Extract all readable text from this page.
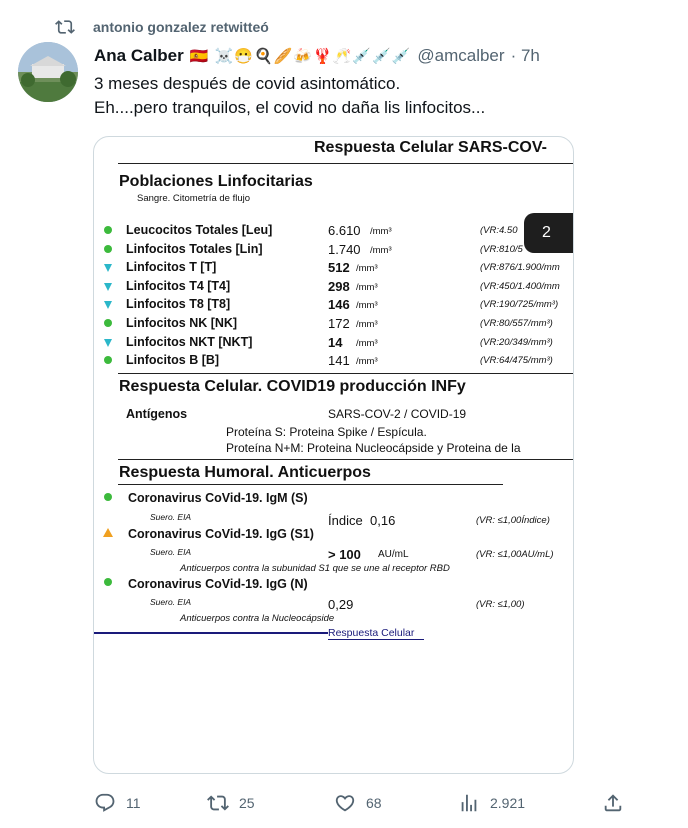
antonio gonzalez retwitteó
Ana Calber 🇪🇸 ☠️😷🍳🥖🍻🦞🥂💉💉💉 @amcalber · 7h
3 meses después de covid asintomático.
Eh....pero tranquilos, el covid no daña lis linfocitos...
Respuesta Celular SARS-COV-
Poblaciones Linfocitarias
Sangre. Citometría de flujo
Leucocitos Totales [Leu]	6.610 /mm³	(VR:4.50
Linfocitos Totales [Lin]	1.740 /mm³	(VR:810/5
Linfocitos T [T]	512 /mm³	(VR:876/1.900/mm
Linfocitos T4 [T4]	298 /mm³	(VR:450/1.400/mm
Linfocitos T8 [T8]	146 /mm³	(VR:190/725/mm³)
Linfocitos NK [NK]	172 /mm³	(VR:80/557/mm³)
Linfocitos NKT [NKT]	14 /mm³	(VR:20/349/mm³)
Linfocitos B [B]	141 /mm³	(VR:64/475/mm³)
Respuesta Celular. COVID19 producción INFy
Antígenos	SARS-COV-2 / COVID-19
Proteína S: Proteina Spike / Espícula.
Proteína N+M: Proteina Nucleocápside y Proteina de la
Respuesta Humoral. Anticuerpos
Coronavirus CoVid-19. IgM (S)
Suero. EIA	Índice 0,16	(VR: ≤1,00Índice)
Coronavirus CoVid-19. IgG (S1)
Suero. EIA	> 100 AU/mL	(VR: ≤1,00AU/mL)
Anticuerpos contra la subunidad S1 que se une al receptor RBD
Coronavirus CoVid-19. IgG (N)
Suero. EIA	0,29	(VR: ≤1,00)
Anticuerpos contra la Nucleocápside
Respuesta Celular
2
11	25	68	2.921
